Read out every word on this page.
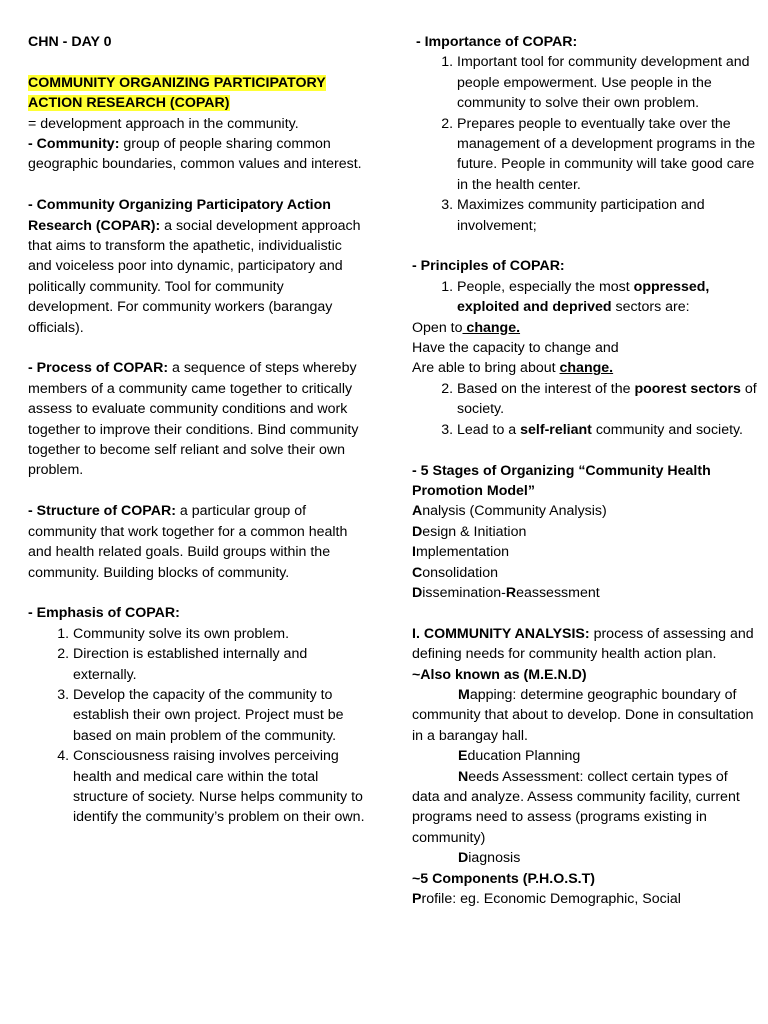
CHN - DAY 0

COMMUNITY ORGANIZING PARTICIPATORY
ACTION RESEARCH (COPAR)

= development approach in the community.

- Community: group of people sharing common geographic boundaries, common values and interest.

- Community Organizing Participatory Action Research (COPAR): a social development approach that aims to transform the apathetic, individualistic and voiceless poor into dynamic, participatory and politically community. Tool for community development. For community workers (barangay officials).

- Process of COPAR: a sequence of steps whereby members of a community came together to critically assess to evaluate community conditions and work together to improve their conditions. Bind community together to become self reliant and solve their own problem.

- Structure of COPAR: a particular group of community that work together for a common health and health related goals. Build groups within the community. Building blocks of community.

- Emphasis of COPAR:

1. Community solve its own problem.
2. Direction is established internally and externally.
3. Develop the capacity of the community to establish their own project. Project must be based on main problem of the community.
4. Consciousness raising involves perceiving health and medical care within the total structure of society. Nurse helps community to identify the community’s problem on their own.

- Importance of COPAR:

1. Important tool for community development and people empowerment. Use people in the community to solve their own problem.
2. Prepares people to eventually take over the management of a development programs in the future. People in community will take good care in the health center.
3. Maximizes community participation and involvement;

- Principles of COPAR:

1. People, especially the most oppressed, exploited and deprived sectors are:

Open to change.

Have the capacity to change and

Are able to bring about change.

2. Based on the interest of the poorest sectors of society.
3. Lead to a self-reliant community and society.

- 5 Stages of Organizing “Community Health Promotion Model”

Analysis (Community Analysis)

Design & Initiation

Implementation

Consolidation

Dissemination-Reassessment

I. COMMUNITY ANALYSIS: process of assessing and defining needs for community health action plan.

~Also known as (M.E.N.D)

Mapping: determine geographic boundary of community that about to develop. Done in consultation in a barangay hall.

Education Planning

Needs Assessment: collect certain types of data and analyze. Assess community facility, current programs need to assess (programs existing in community)

Diagnosis

~5 Components (P.H.O.S.T)

Profile: eg. Economic Demographic, Social
